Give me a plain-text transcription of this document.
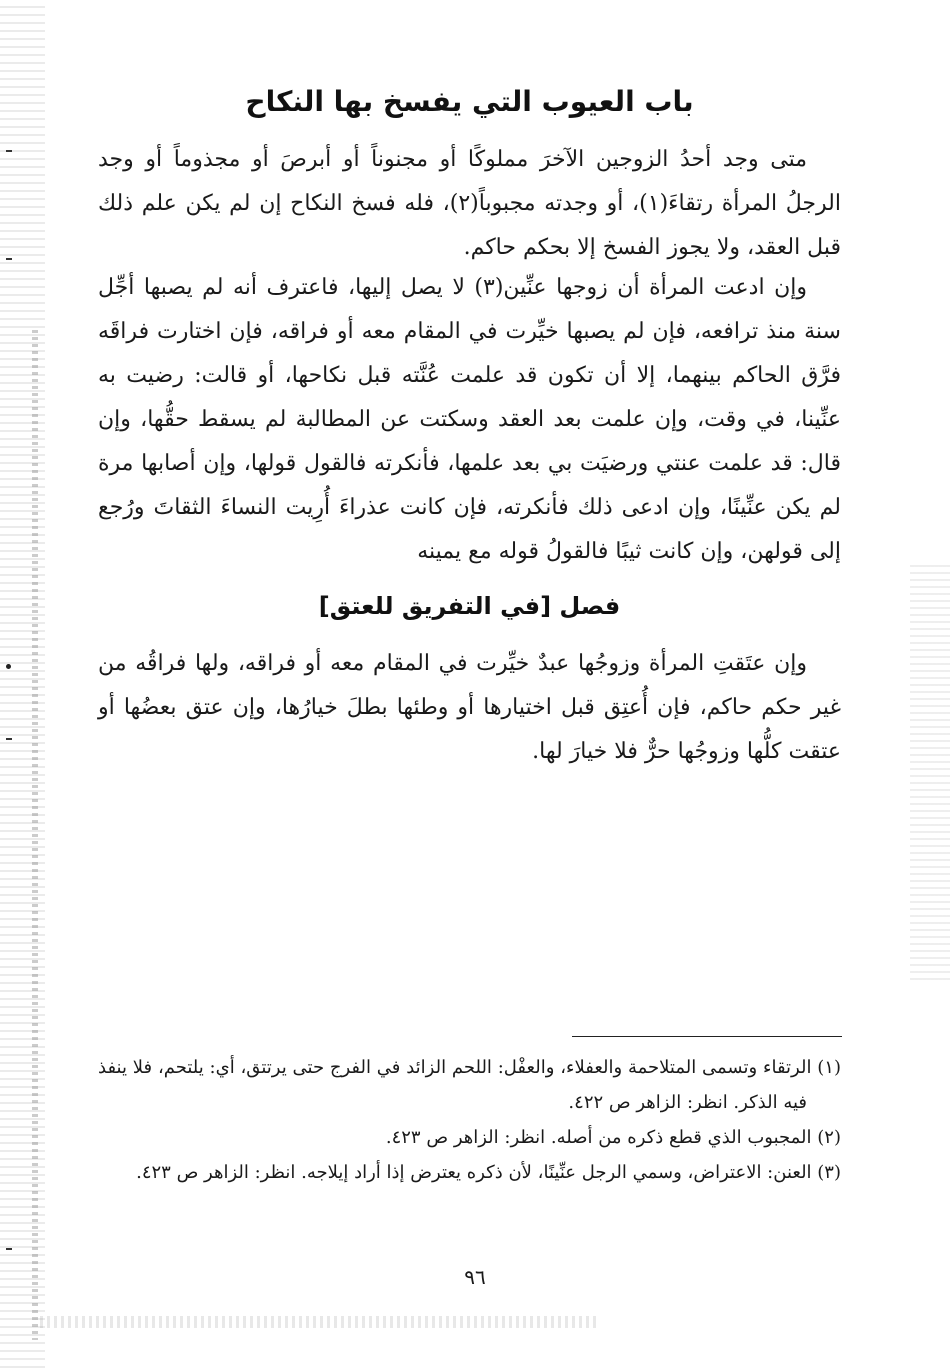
باب العيوب التي يفسخ بها النكاح

متى وجد أحدُ الزوجين الآخرَ مملوكًا أو مجنوناً أو أبرصَ أو مجذوماً أو وجد الرجلُ المرأة رتقاءَ(١)، أو وجدته مجبوباً(٢)، فله فسخ النكاح إن لم يكن علم ذلك قبل العقد، ولا يجوز الفسخ إلا بحكم حاكم.

وإن ادعت المرأة أن زوجها عنِّين(٣) لا يصل إليها، فاعترف أنه لم يصبها أجِّل سنة منذ ترافعه، فإن لم يصبها خيِّرت في المقام معه أو فراقه، فإن اختارت فراقَه فرَّق الحاكم بينهما، إلا أن تكون قد علمت عُنَّته قبل نكاحها، أو قالت: رضيت به عنِّينا، في وقت، وإن علمت بعد العقد وسكتت عن المطالبة لم يسقط حقُّها، وإن قال: قد علمت عنتي ورضيَت بي بعد علمها، فأنكرته فالقول قولها، وإن أصابها مرة لم يكن عنِّينًا، وإن ادعى ذلك فأنكرته، فإن كانت عذراءَ أُرِيت النساءَ الثقاتَ ورُجع إلى قولهن، وإن كانت ثيبًا فالقولُ قوله مع يمينه

فصل [في التفريق للعتق]

وإن عتَقتِ المرأة وزوجُها عبدٌ خيِّرت في المقام معه أو فراقه، ولها فراقُه من غير حكم حاكم، فإن أُعتِق قبل اختيارها أو وطئها بطلَ خيارُها، وإن عتق بعضُها أو عتقت كلُّها وزوجُها حرٌّ فلا خيارَ لها.

(١) الرتقاء وتسمى المتلاحمة والعفلاء، والعفْل: اللحم الزائد في الفرج حتى يرتتق، أي: يلتحم، فلا ينفذ فيه الذكر. انظر: الزاهر ص ٤٢٢.

(٢) المجبوب الذي قطع ذكره من أصله. انظر: الزاهر ص ٤٢٣.

(٣) العنن: الاعتراض، وسمي الرجل عنِّينًا، لأن ذكره يعترض إذا أراد إيلاجه. انظر: الزاهر ص ٤٢٣.

٩٦
